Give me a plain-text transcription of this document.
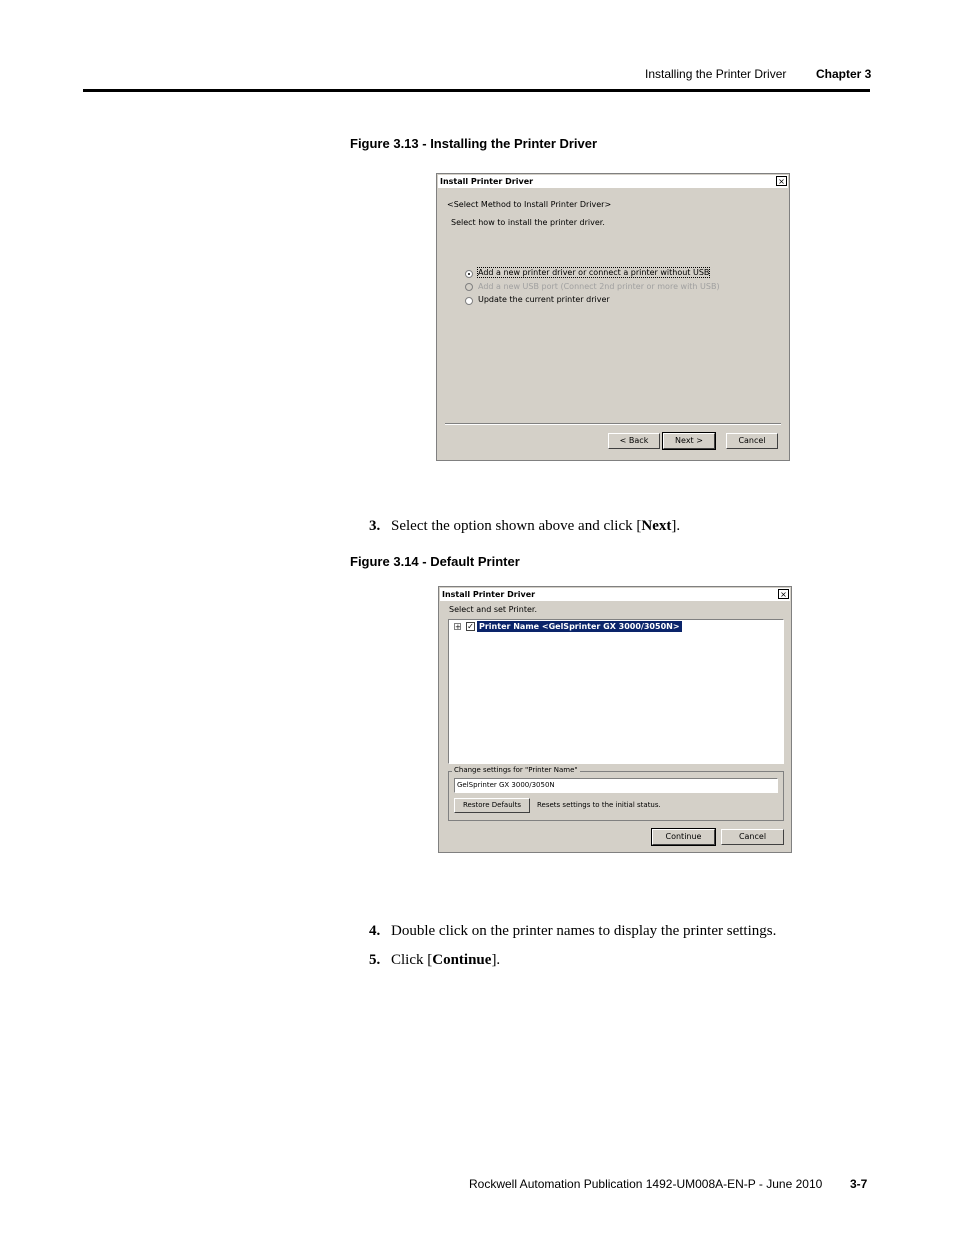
Installing the Printer Driver Chapter 3
Figure 3.13 - Installing the Printer Driver
Install Printer Driver	×
<Select Method to Install Printer Driver>
Select how to install the printer driver.
Add a new printer driver or connect a printer without USB
Add a new USB port (Connect 2nd printer or more with USB)
Update the current printer driver
< Back	Next >	Cancel
3. Select the option shown above and click [Next].
Figure 3.14 - Default Printer
Install Printer Driver	×
Select and set Printer.
+ ✓ Printer Name <GelSprinter GX 3000/3050N>
Change settings for "Printer Name"
GelSprinter GX 3000/3050N
Restore Defaults	Resets settings to the initial status.
Continue	Cancel
4. Double click on the printer names to display the printer settings.
5. Click [Continue].
Rockwell Automation Publication 1492-UM008A-EN-P - June 2010 3-7
